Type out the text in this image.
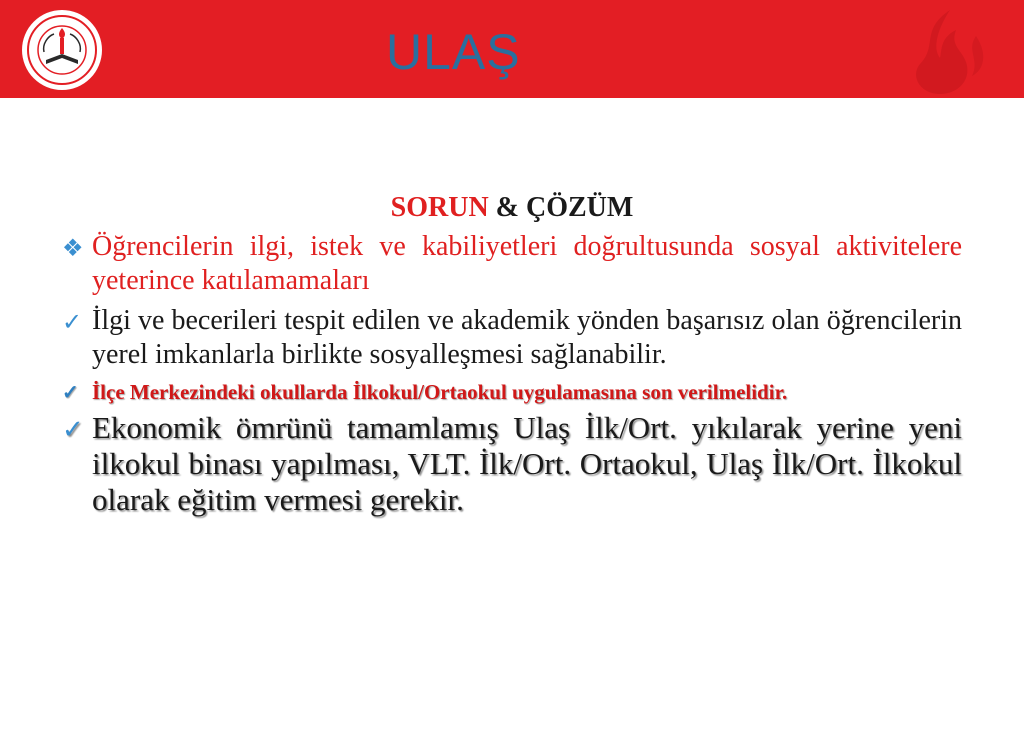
ULAŞ
SORUN & ÇÖZÜM
❖ Öğrencilerin ilgi, istek ve kabiliyetleri doğrultusunda sosyal aktivitelere yeterince katılamamaları
✓ İlgi ve becerileri tespit edilen ve akademik yönden başarısız olan öğrencilerin yerel imkanlarla birlikte sosyalleşmesi sağlanabilir.
✓ İlçe Merkezindeki okullarda İlkokul/Ortaokul uygulamasına son verilmelidir.
✓ Ekonomik ömrünü tamamlamış Ulaş İlk/Ort. yıkılarak yerine yeni ilkokul binası yapılması, VLT. İlk/Ort. Ortaokul, Ulaş İlk/Ort. İlkokul olarak eğitim vermesi gerekir.
